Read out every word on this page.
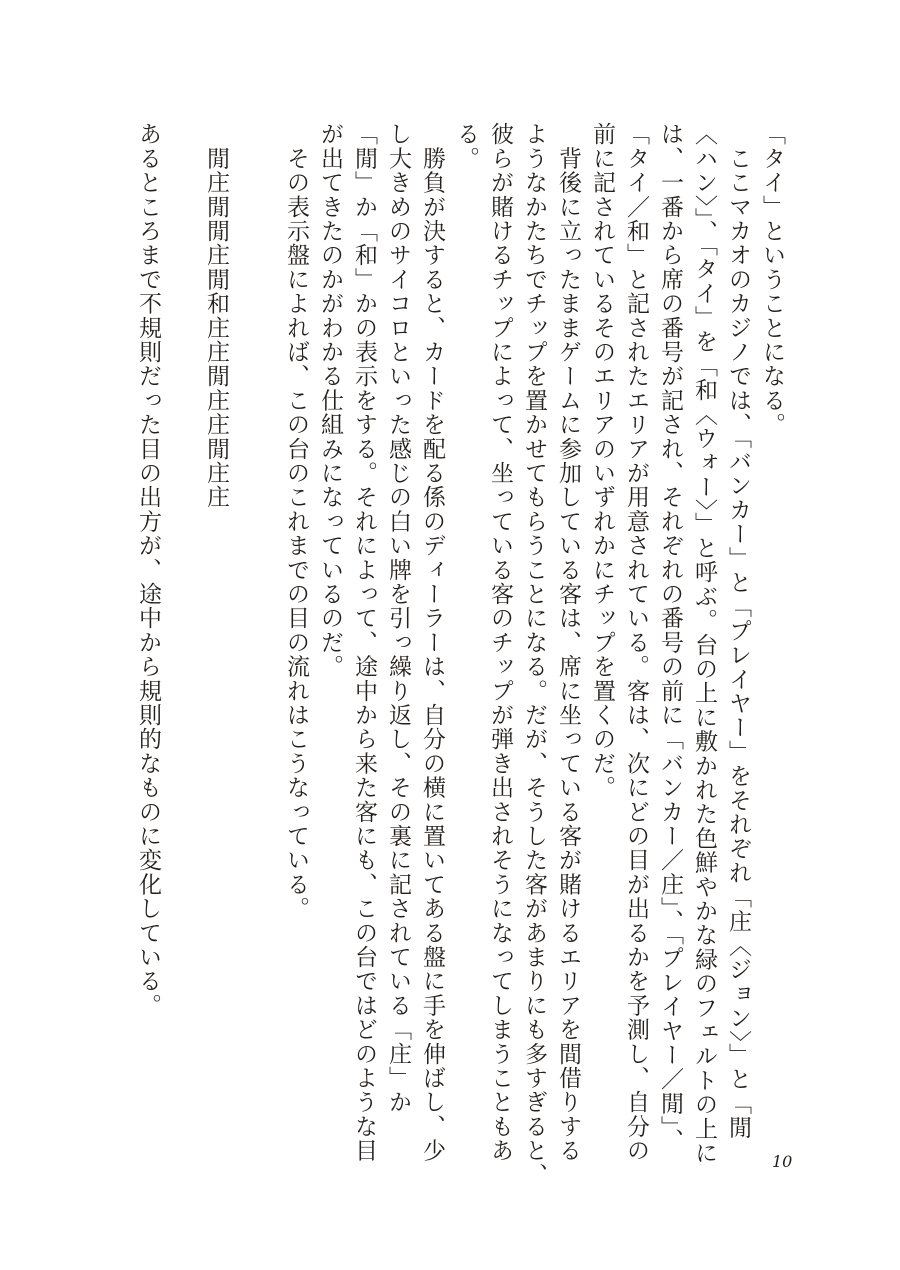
「タイ」ということになる。
　ここマカオのカジノでは、「バンカー」と「プレイヤー」をそれぞれ「庄〈ジョン〉」と「閒
〈ハン〉」、「タイ」を「和〈ウォー〉」と呼ぶ。台の上に敷かれた色鮮やかな緑のフェルトの上に
は、一番から席の番号が記され、それぞれの番号の前に「バンカー／庄」、「プレイヤー／閒」、
「タイ／和」と記されたエリアが用意されている。客は、次にどの目が出るかを予測し、自分の
前に記されているそのエリアのいずれかにチップを置くのだ。
　背後に立ったままゲームに参加している客は、席に坐っている客が賭けるエリアを間借りする
ようなかたちでチップを置かせてもらうことになる。だが、そうした客があまりにも多すぎると、
彼らが賭けるチップによって、坐っている客のチップが弾き出されそうになってしまうこともあ
る。
　勝負が決すると、カードを配る係のディーラーは、自分の横に置いてある盤に手を伸ばし、少
し大きめのサイコロといった感じの白い牌を引っ繰り返し、その裏に記されている「庄」か
「閒」か「和」かの表示をする。それによって、途中から来た客にも、この台ではどのような目
が出てきたのかがわかる仕組みになっているのだ。
　その表示盤によれば、この台のこれまでの目の流れはこうなっている。
　閒庄閒閒庄閒和庄庄閒庄庄閒庄庄
あるところまで不規則だった目の出方が、途中から規則的なものに変化している。
10
